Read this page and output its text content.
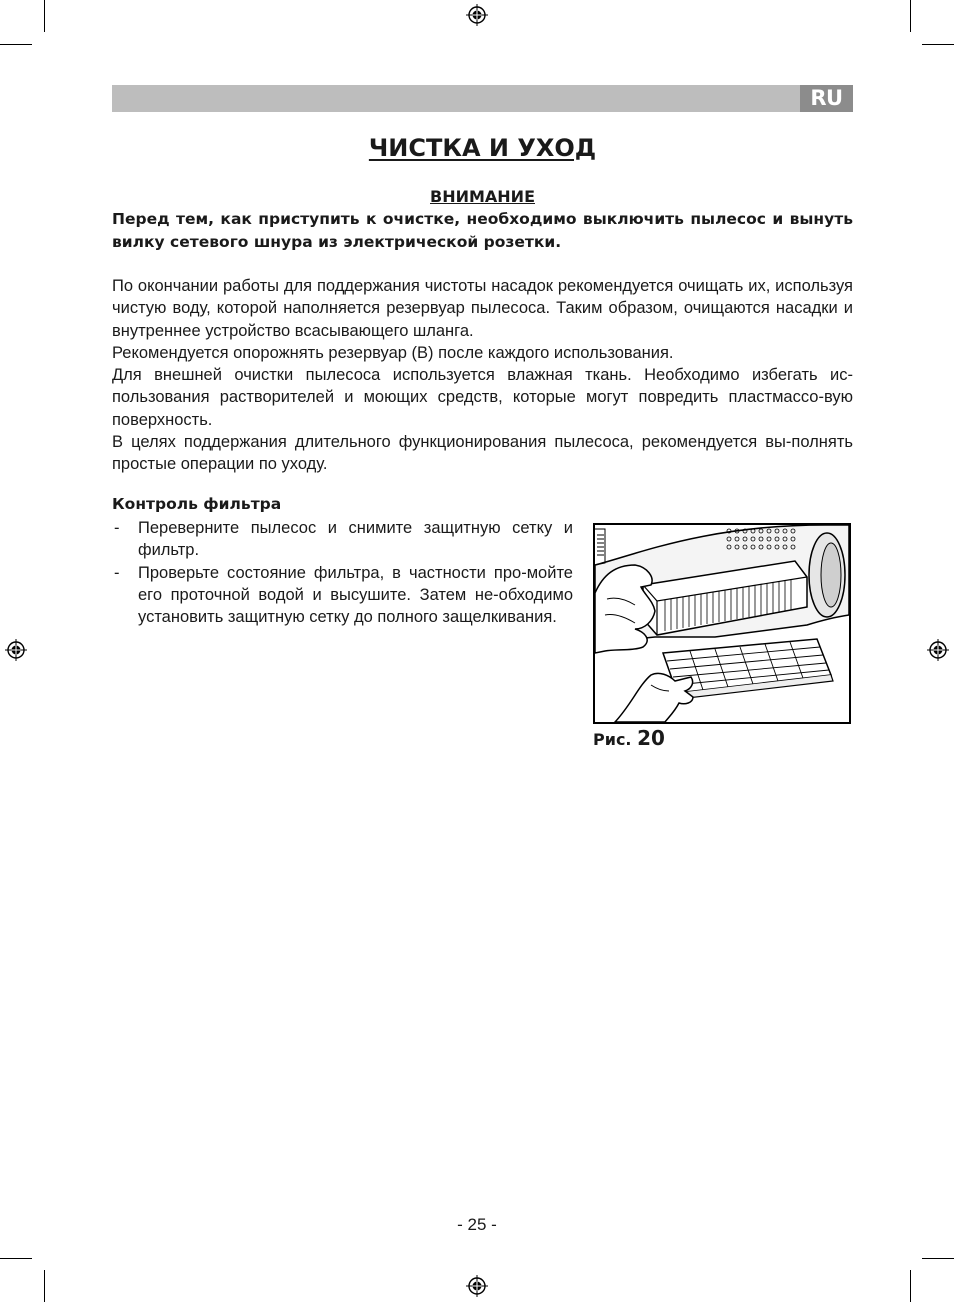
RU
ЧИСТКА И УХОД
ВНИМАНИЕ
Перед тем, как приступить к очистке, необходимо выключить пылесос и вынуть вилку сетевого шнура из электрической розетки.

По окончании работы для поддержания чистоты насадок рекомендуется очищать их, используя чистую воду, которой наполняется резервуар пылесоса. Таким образом, очищаются насадки и внутреннее устройство всасывающего шланга.

Рекомендуется опорожнять резервуар (В) после каждого использования.

Для внешней очистки пылесоса используется влажная ткань. Необходимо избегать ис-пользования растворителей и моющих средств, которые могут повредить пластмассо-вую поверхность.

В целях поддержания длительного функционирования пылесоса, рекомендуется вы-полнять простые операции по уходу.

Контроль фильтра
- Переверните пылесос и снимите защитную сетку и фильтр.
- Проверьте состояние фильтра, в частности про-мойте его проточной водой и высушите. Затем не-обходимо установить защитную сетку до полного защелкивания.
Рис. 20
- 25 -
